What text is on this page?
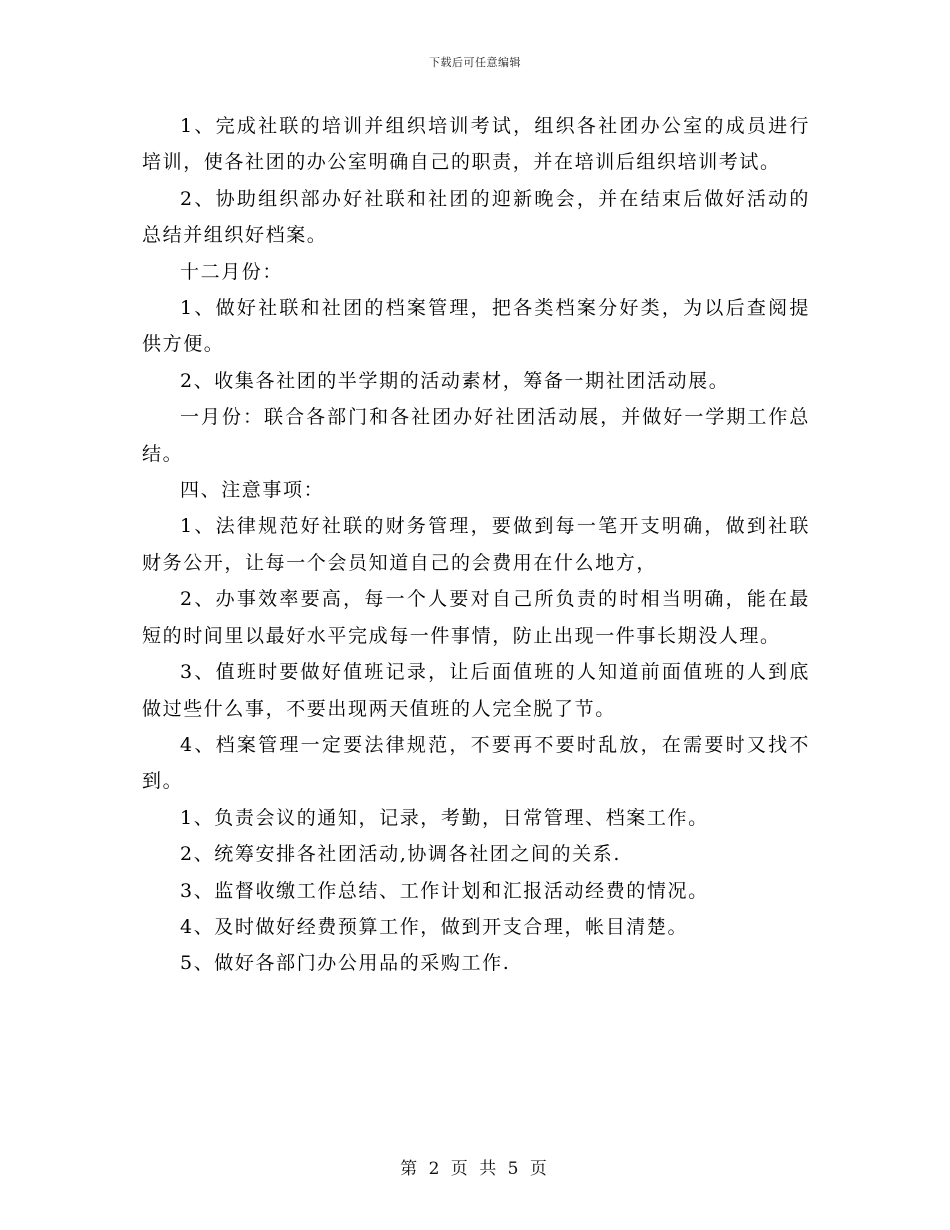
下载后可任意编辑

1、完成社联的培训并组织培训考试，组织各社团办公室的成员进行培训，使各社团的办公室明确自己的职责，并在培训后组织培训考试。

2、协助组织部办好社联和社团的迎新晚会，并在结束后做好活动的总结并组织好档案。

十二月份：

1、做好社联和社团的档案管理，把各类档案分好类，为以后查阅提供方便。

2、收集各社团的半学期的活动素材，筹备一期社团活动展。

一月份：联合各部门和各社团办好社团活动展，并做好一学期工作总结。

四、注意事项：

1、法律规范好社联的财务管理，要做到每一笔开支明确，做到社联财务公开，让每一个会员知道自己的会费用在什么地方，

2、办事效率要高，每一个人要对自己所负责的时相当明确，能在最短的时间里以最好水平完成每一件事情，防止出现一件事长期没人理。

3、值班时要做好值班记录，让后面值班的人知道前面值班的人到底做过些什么事，不要出现两天值班的人完全脱了节。

4、档案管理一定要法律规范，不要再不要时乱放，在需要时又找不到。

1、负责会议的通知，记录，考勤，日常管理、档案工作。

2、统筹安排各社团活动,协调各社团之间的关系.

3、监督收缴工作总结、工作计划和汇报活动经费的情况。

4、及时做好经费预算工作，做到开支合理，帐目清楚。

5、做好各部门办公用品的采购工作.

第 2 页 共 5 页
